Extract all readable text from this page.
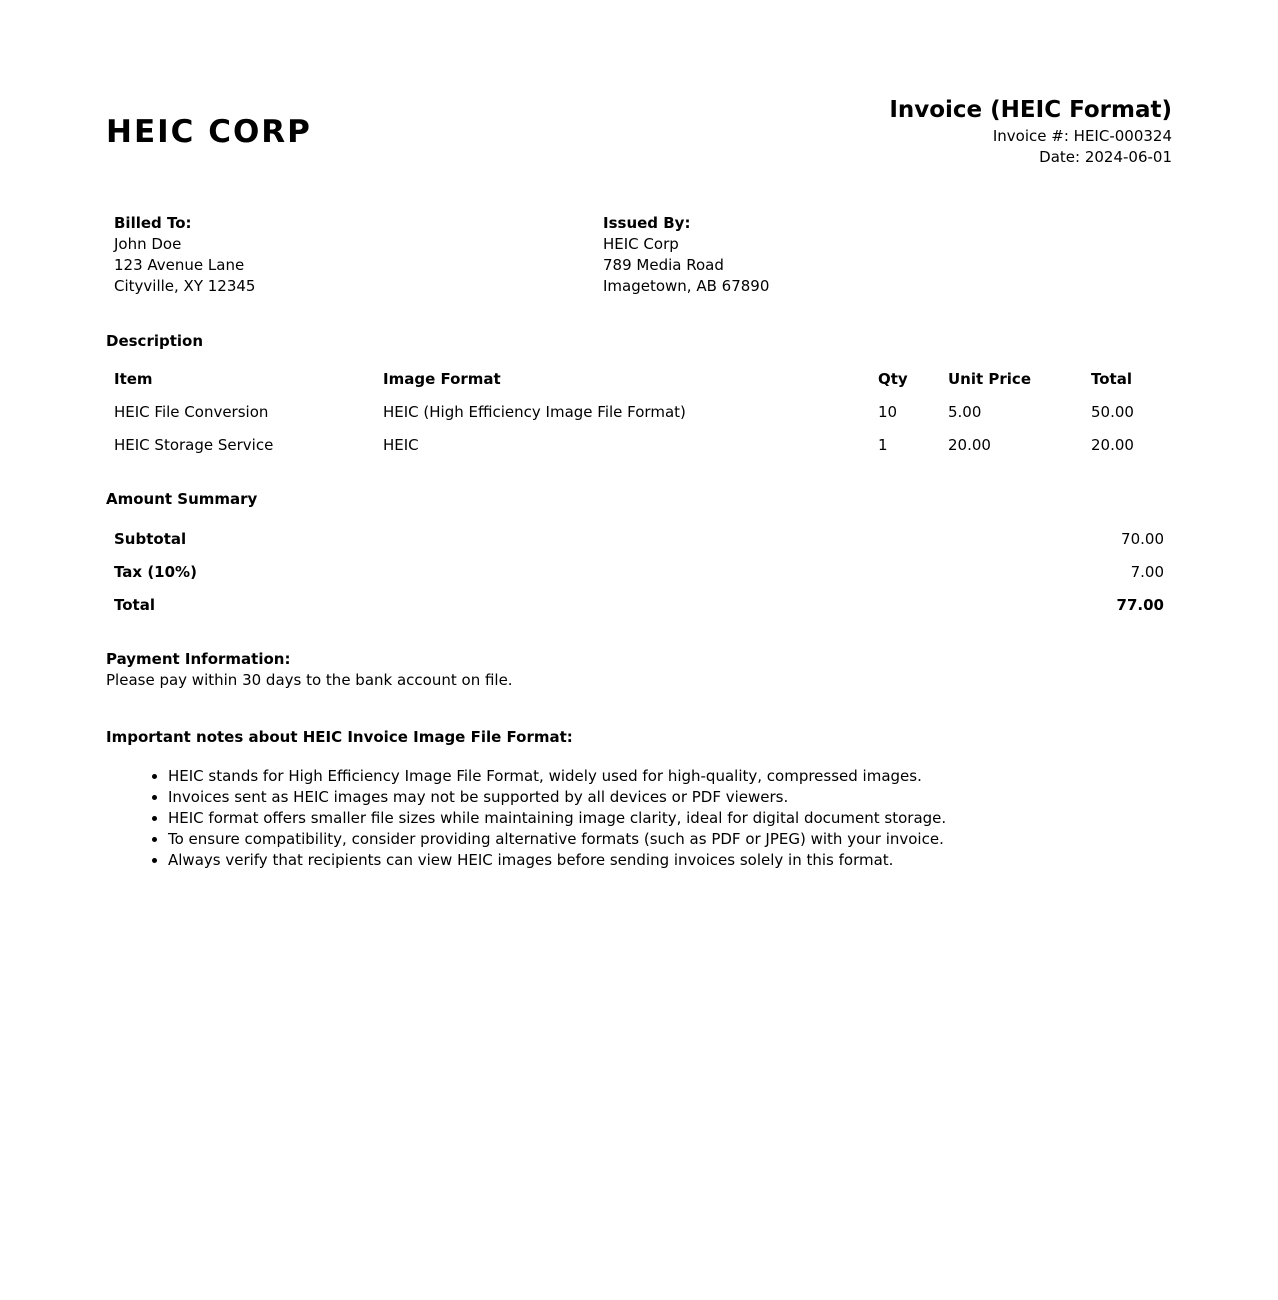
HEIC CORP
Invoice (HEIC Format)
Invoice #: HEIC-000324
Date: 2024-06-01
Billed To:
John Doe
123 Avenue Lane
Cityville, XY 12345
Issued By:
HEIC Corp
789 Media Road
Imagetown, AB 67890
Description
Item	Image Format	Qty	Unit Price	Total
HEIC File Conversion	HEIC (High Efficiency Image File Format)	10	5.00	50.00
HEIC Storage Service	HEIC	1	20.00	20.00
Amount Summary
Subtotal	70.00
Tax (10%)	7.00
Total	77.00
Payment Information:
Please pay within 30 days to the bank account on file.
Important notes about HEIC Invoice Image File Format:
• HEIC stands for High Efficiency Image File Format, widely used for high-quality, compressed images.
• Invoices sent as HEIC images may not be supported by all devices or PDF viewers.
• HEIC format offers smaller file sizes while maintaining image clarity, ideal for digital document storage.
• To ensure compatibility, consider providing alternative formats (such as PDF or JPEG) with your invoice.
• Always verify that recipients can view HEIC images before sending invoices solely in this format.
